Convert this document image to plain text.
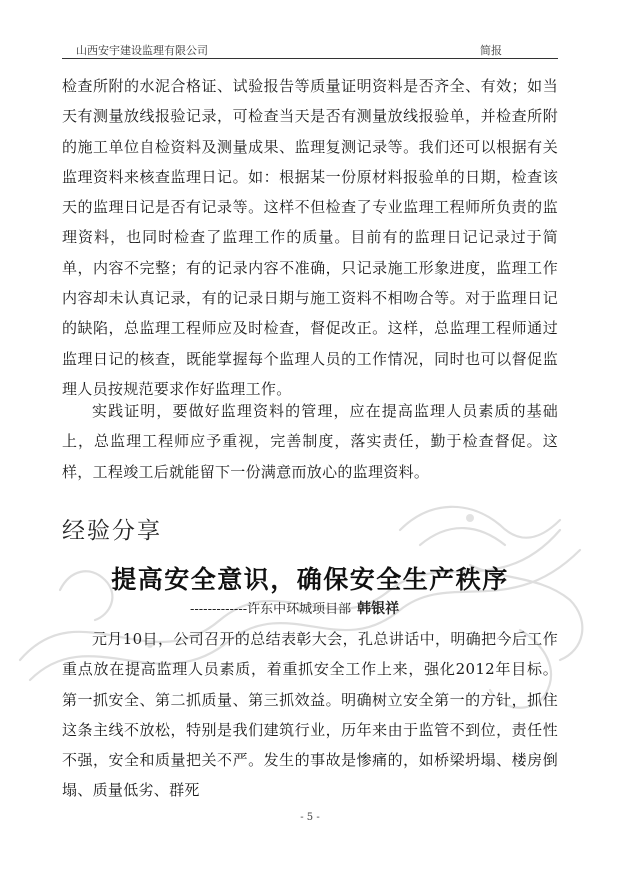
山西安宇建设监理有限公司	简报

检查所附的水泥合格证、试验报告等质量证明资料是否齐全、有效；如当天有测量放线报验记录，可检查当天是否有测量放线报验单，并检查所附的施工单位自检资料及测量成果、监理复测记录等。我们还可以根据有关监理资料来核查监理日记。如：根据某一份原材料报验单的日期，检查该天的监理日记是否有记录等。这样不但检查了专业监理工程师所负责的监理资料，也同时检查了监理工作的质量。目前有的监理日记记录过于简单，内容不完整；有的记录内容不准确，只记录施工形象进度，监理工作内容却未认真记录，有的记录日期与施工资料不相吻合等。对于监理日记的缺陷，总监理工程师应及时检查，督促改正。这样，总监理工程师通过监理日记的核查，既能掌握每个监理人员的工作情况，同时也可以督促监理人员按规范要求作好监理工作。

实践证明，要做好监理资料的管理，应在提高监理人员素质的基础上，总监理工程师应予重视，完善制度，落实责任，勤于检查督促。这样，工程竣工后就能留下一份满意而放心的监理资料。

经验分享
提高安全意识，确保安全生产秩序
-------------许东中环城项目部 韩银祥

元月10日，公司召开的总结表彰大会，孔总讲话中，明确把今后工作重点放在提高监理人员素质，着重抓安全工作上来，强化2012年目标。第一抓安全、第二抓质量、第三抓效益。明确树立安全第一的方针，抓住这条主线不放松，特别是我们建筑行业，历年来由于监管不到位，责任性不强，安全和质量把关不严。发生的事故是惨痛的，如桥梁坍塌、楼房倒塌、质量低劣、群死

- 5 -
